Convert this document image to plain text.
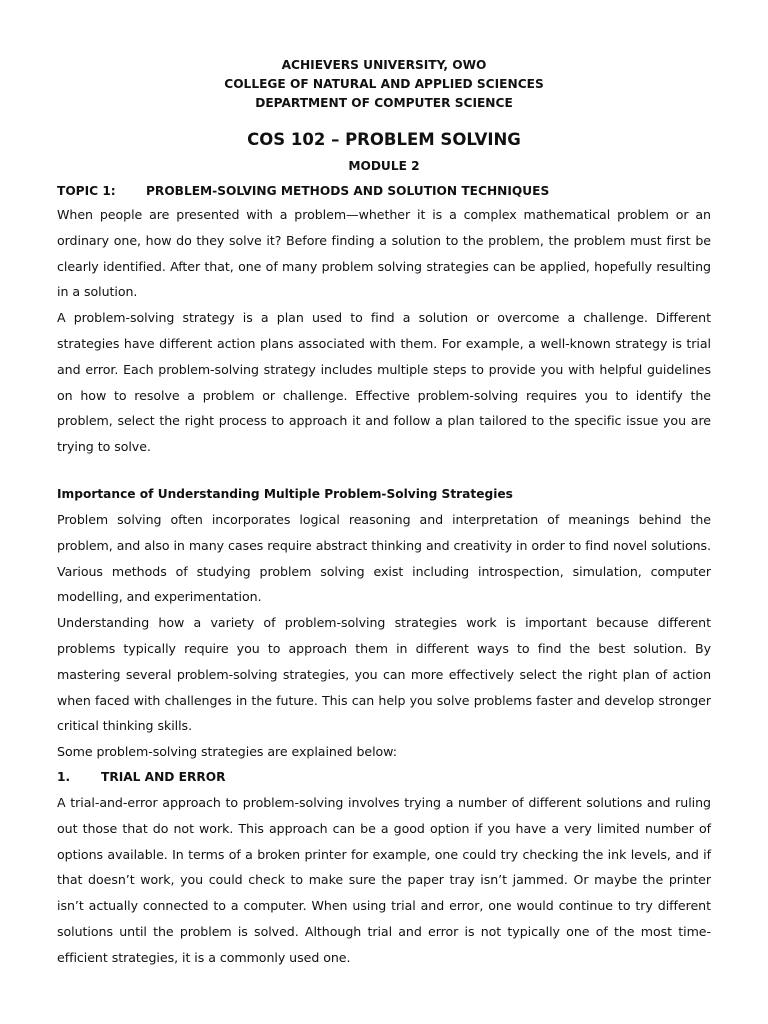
ACHIEVERS UNIVERSITY, OWO

COLLEGE OF NATURAL AND APPLIED SCIENCES

DEPARTMENT OF COMPUTER SCIENCE

COS 102 – PROBLEM SOLVING

MODULE 2

TOPIC 1: PROBLEM-SOLVING METHODS AND SOLUTION TECHNIQUES

When people are presented with a problem—whether it is a complex mathematical problem or an ordinary one, how do they solve it? Before finding a solution to the problem, the problem must first be clearly identified. After that, one of many problem solving strategies can be applied, hopefully resulting in a solution.

A problem-solving strategy is a plan used to find a solution or overcome a challenge. Different strategies have different action plans associated with them. For example, a well-known strategy is trial and error. Each problem-solving strategy includes multiple steps to provide you with helpful guidelines on how to resolve a problem or challenge. Effective problem-solving requires you to identify the problem, select the right process to approach it and follow a plan tailored to the specific issue you are trying to solve.

Importance of Understanding Multiple Problem-Solving Strategies

Problem solving often incorporates logical reasoning and interpretation of meanings behind the problem, and also in many cases require abstract thinking and creativity in order to find novel solutions. Various methods of studying problem solving exist including introspection, simulation, computer modelling, and experimentation.

Understanding how a variety of problem-solving strategies work is important because different problems typically require you to approach them in different ways to find the best solution. By mastering several problem-solving strategies, you can more effectively select the right plan of action when faced with challenges in the future. This can help you solve problems faster and develop stronger critical thinking skills.

Some problem-solving strategies are explained below:

1.	TRIAL AND ERROR

A trial-and-error approach to problem-solving involves trying a number of different solutions and ruling out those that do not work. This approach can be a good option if you have a very limited number of options available. In terms of a broken printer for example, one could try checking the ink levels, and if that doesn’t work, you could check to make sure the paper tray isn’t jammed. Or maybe the printer isn’t actually connected to a computer. When using trial and error, one would continue to try different solutions until the problem is solved. Although trial and error is not typically one of the most time-efficient strategies, it is a commonly used one.
